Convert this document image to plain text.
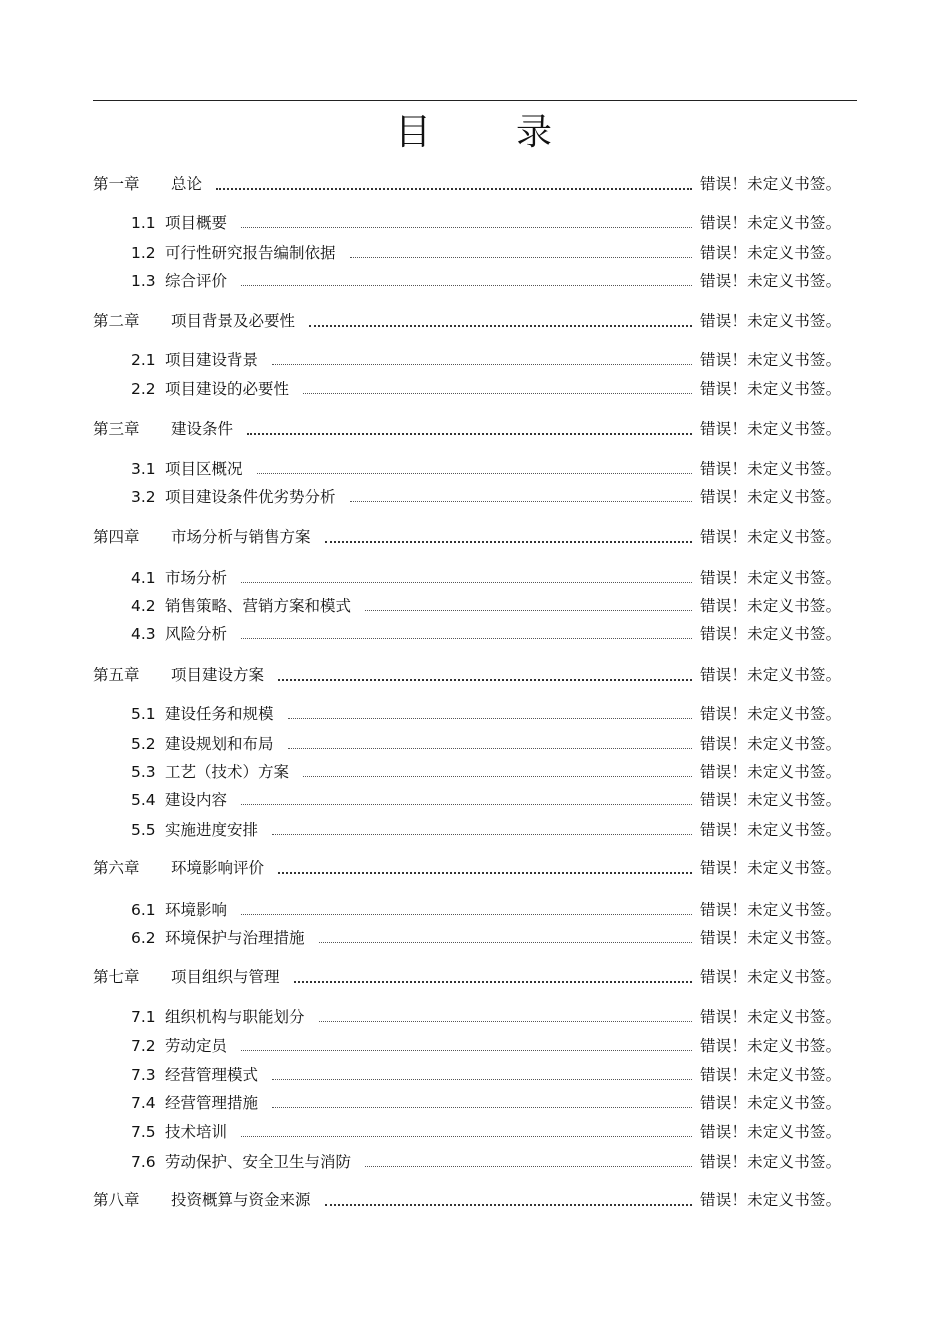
目 录
第一章 总论	错误！未定义书签。
1.1 项目概要	错误！未定义书签。
1.2 可行性研究报告编制依据	错误！未定义书签。
1.3 综合评价	错误！未定义书签。
第二章 项目背景及必要性	错误！未定义书签。
2.1 项目建设背景	错误！未定义书签。
2.2 项目建设的必要性	错误！未定义书签。
第三章 建设条件	错误！未定义书签。
3.1 项目区概况	错误！未定义书签。
3.2 项目建设条件优劣势分析	错误！未定义书签。
第四章 市场分析与销售方案	错误！未定义书签。
4.1 市场分析	错误！未定义书签。
4.2 销售策略、营销方案和模式	错误！未定义书签。
4.3 风险分析	错误！未定义书签。
第五章 项目建设方案	错误！未定义书签。
5.1 建设任务和规模	错误！未定义书签。
5.2 建设规划和布局	错误！未定义书签。
5.3 工艺（技术）方案	错误！未定义书签。
5.4 建设内容	错误！未定义书签。
5.5 实施进度安排	错误！未定义书签。
第六章 环境影响评价	错误！未定义书签。
6.1 环境影响	错误！未定义书签。
6.2 环境保护与治理措施	错误！未定义书签。
第七章 项目组织与管理	错误！未定义书签。
7.1 组织机构与职能划分	错误！未定义书签。
7.2 劳动定员	错误！未定义书签。
7.3 经营管理模式	错误！未定义书签。
7.4 经营管理措施	错误！未定义书签。
7.5 技术培训	错误！未定义书签。
7.6 劳动保护、安全卫生与消防	错误！未定义书签。
第八章 投资概算与资金来源	错误！未定义书签。
